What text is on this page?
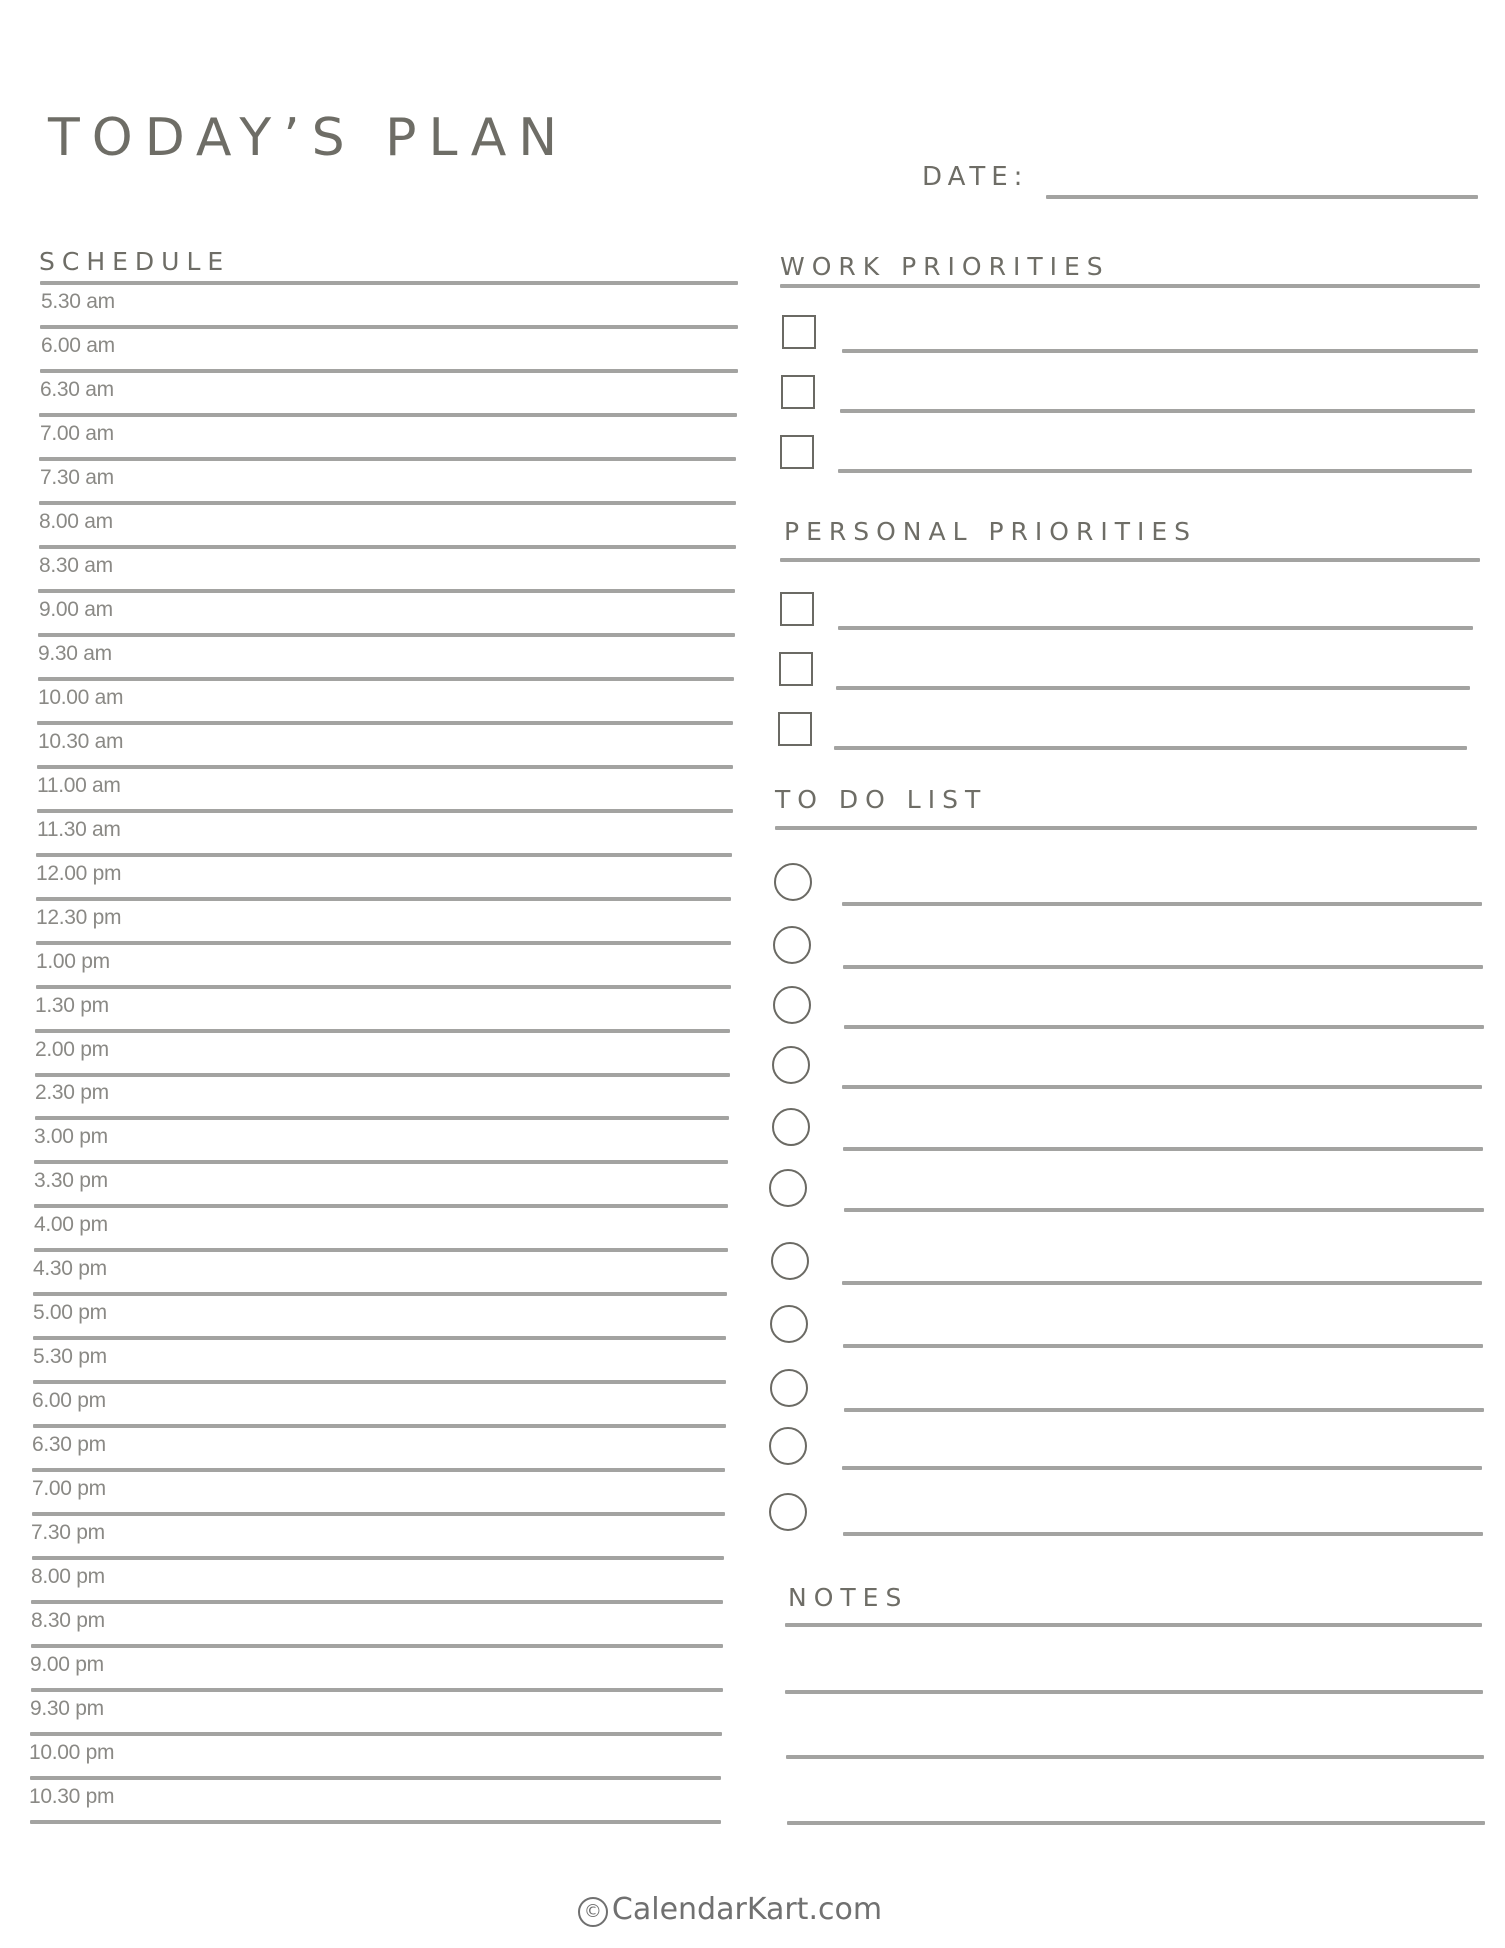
TODAY’S PLAN
DATE:
SCHEDULE
5.30 am
6.00 am
6.30 am
7.00 am
7.30 am
8.00 am
8.30 am
9.00 am
9.30 am
10.00 am
10.30 am
11.00 am
11.30 am
12.00 pm
12.30 pm
1.00 pm
1.30 pm
2.00 pm
2.30 pm
3.00 pm
3.30 pm
4.00 pm
4.30 pm
5.00 pm
5.30 pm
6.00 pm
6.30 pm
7.00 pm
7.30 pm
8.00 pm
8.30 pm
9.00 pm
9.30 pm
10.00 pm
10.30 pm
WORK PRIORITIES
PERSONAL PRIORITIES
TO DO LIST
NOTES
© CalendarKart.com
